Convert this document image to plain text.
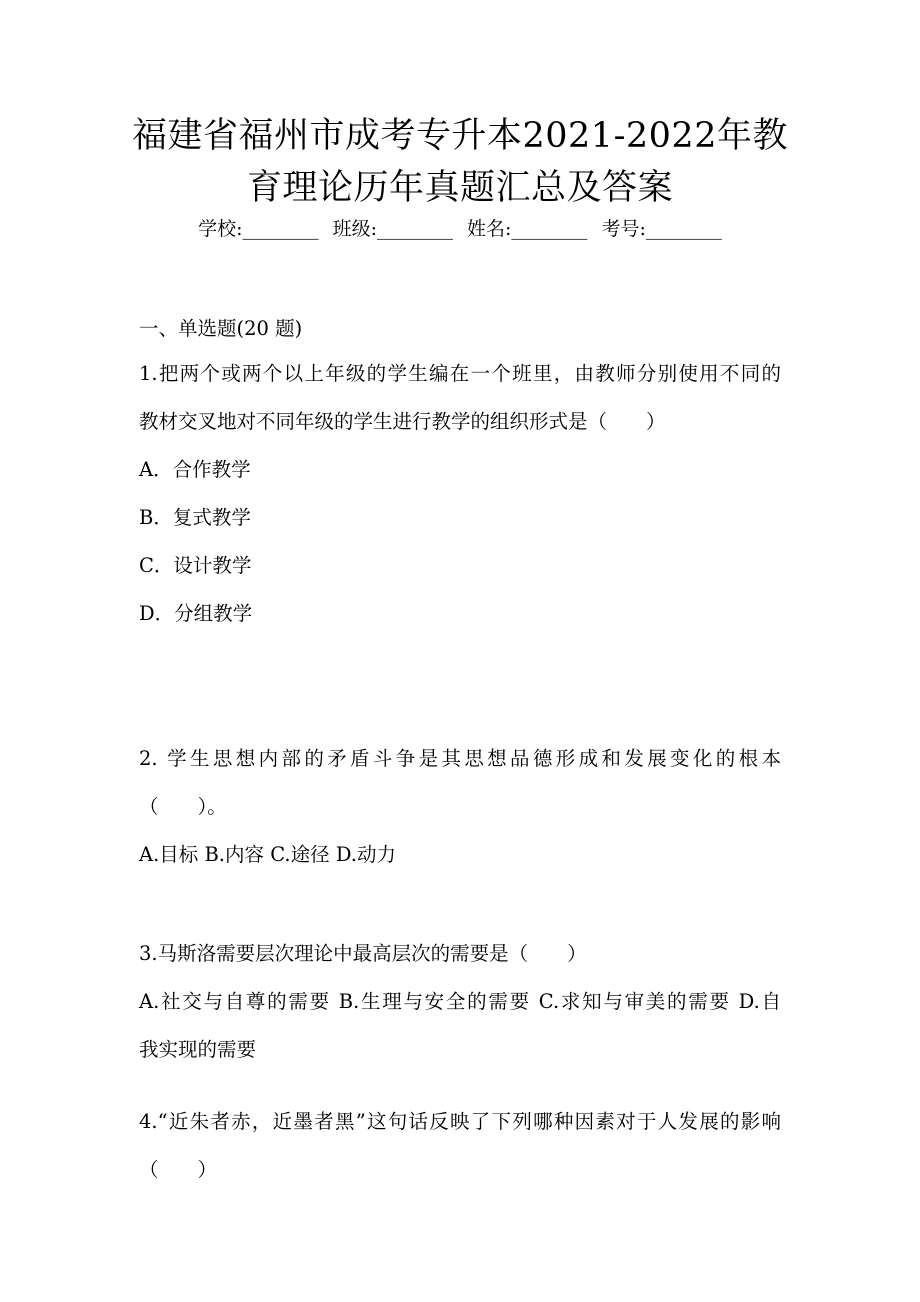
福建省福州市成考专升本2021-2022年教
育理论历年真题汇总及答案
学校:________ 班级:________ 姓名:________ 考号:________
一、单选题(20 题)
1.把两个或两个以上年级的学生编在一个班里，由教师分别使用不同的
教材交叉地对不同年级的学生进行教学的组织形式是（　　）
A．合作教学
B．复式教学
C．设计教学
D．分组教学
2. 学生思想内部的矛盾斗争是其思想品德形成和发展变化的根本
（　　）。
A.目标 B.内容 C.途径 D.动力
3.马斯洛需要层次理论中最高层次的需要是（　　）
A.社交与自尊的需要 B.生理与安全的需要 C.求知与审美的需要 D.自
我实现的需要
4.“近朱者赤，近墨者黑”这句话反映了下列哪种因素对于人发展的影响
（　　）
